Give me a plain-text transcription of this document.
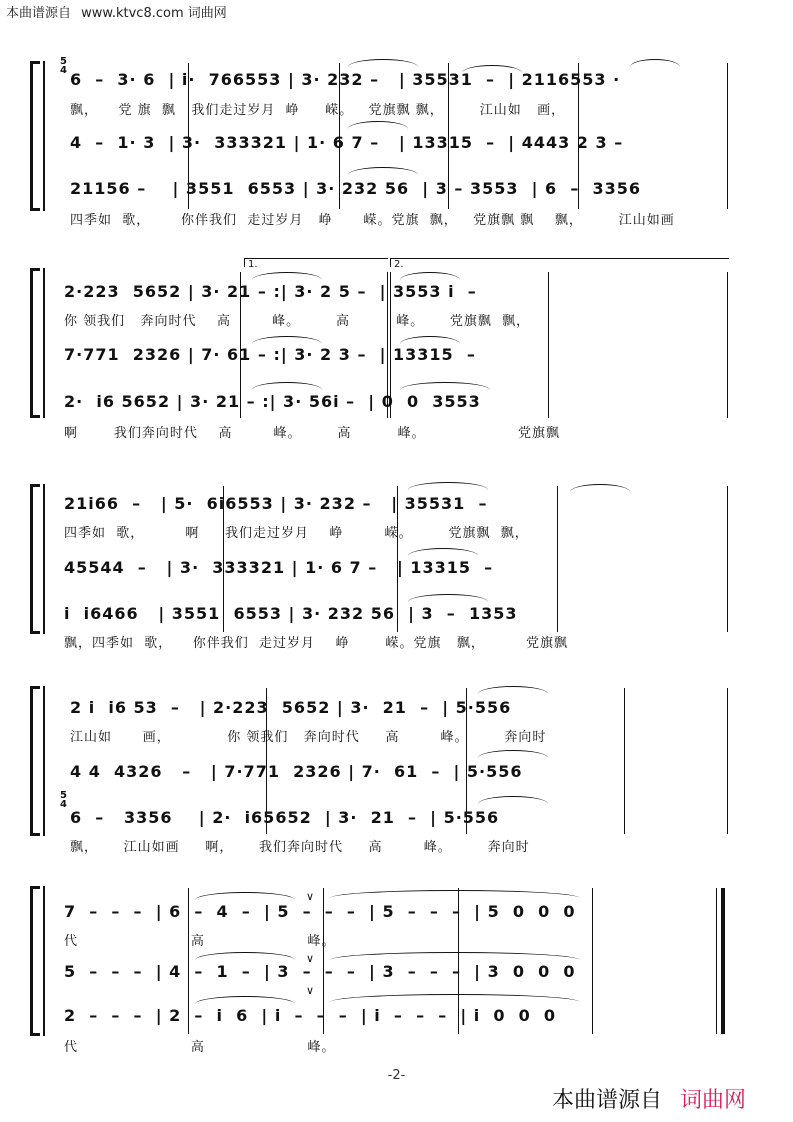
本曲谱源自 www.ktvc8.com 词曲网
5
4 6  –  3· 6  | i·  766553 | 3· 232 –   | 35531  –  | 2116553 ·
飘，    党 旗  飘   我们走过岁月  峥     嵘。   党旗飘 飘，       江山如   画，
4  –  1· 3  | 3·  333321 | 1· 6 7 –   | 13315  –  | 4443 2 3 –
21156 –    | 3551  6553 | 3· 232 56  | 3 – 3553  | 6  –  3356
四季如  歌，      你伴我们  走过岁月   峥      嵘。党旗  飘，   党旗飘 飘    飘，       江山如画
1.	2.
2·223  5652 | 3· 21 – :| 3· 2 5 –  | 3553 i  –
你 领我们   奔向时代    高        峰。       高         峰。     党旗飘  飘，
7·771  2326 | 7· 61 – :| 3· 2 3 –  | 13315  –
2·  i6 5652 | 3· 21 – :| 3· 56i –  | 0  0  3553
啊       我们奔向时代    高        峰。       高         峰。                  党旗飘
21i66  –   | 5·  6i6553 | 3· 232 –   | 35531  –
四季如  歌，        啊     我们走过岁月    峥        嵘。       党旗飘  飘，
45544  –   | 3·  333321 | 1· 6 7 –   | 13315  –
i  i6466   | 3551  6553 | 3· 232 56  | 3  –  1353
飘，四季如  歌，    你伴我们  走过岁月    峥       嵘。党旗   飘，        党旗飘
5
4
2 i  i6 53  –   | 2·223  5652 | 3·  21  –  | 5·556
江山如      画，           你 领我们   奔向时代     高        峰。       奔向时
4 4  4326   –   | 7·771  2326 | 7·  61  –  | 5·556
6  –   3356    | 2·  i65652  | 3·  21  –  | 5·556
飘，     江山如画     啊，     我们奔向时代     高        峰。       奔向时
∨
∨
∨
7  –  –  –  | 6  –  4  –  | 5  –  –  –  | 5  –  –  –  | 5  0  0  0
代                      高                    峰。
5  –  –  –  | 4  –  1  –  | 3  –  –  –  | 3  –  –  –  | 3  0  0  0
2  –  –  –  | 2  –  i  6  | i  –  –  –  | i  –  –  –  | i  0  0  0
代                      高                    峰。
-2-
本曲谱源自 词曲网
